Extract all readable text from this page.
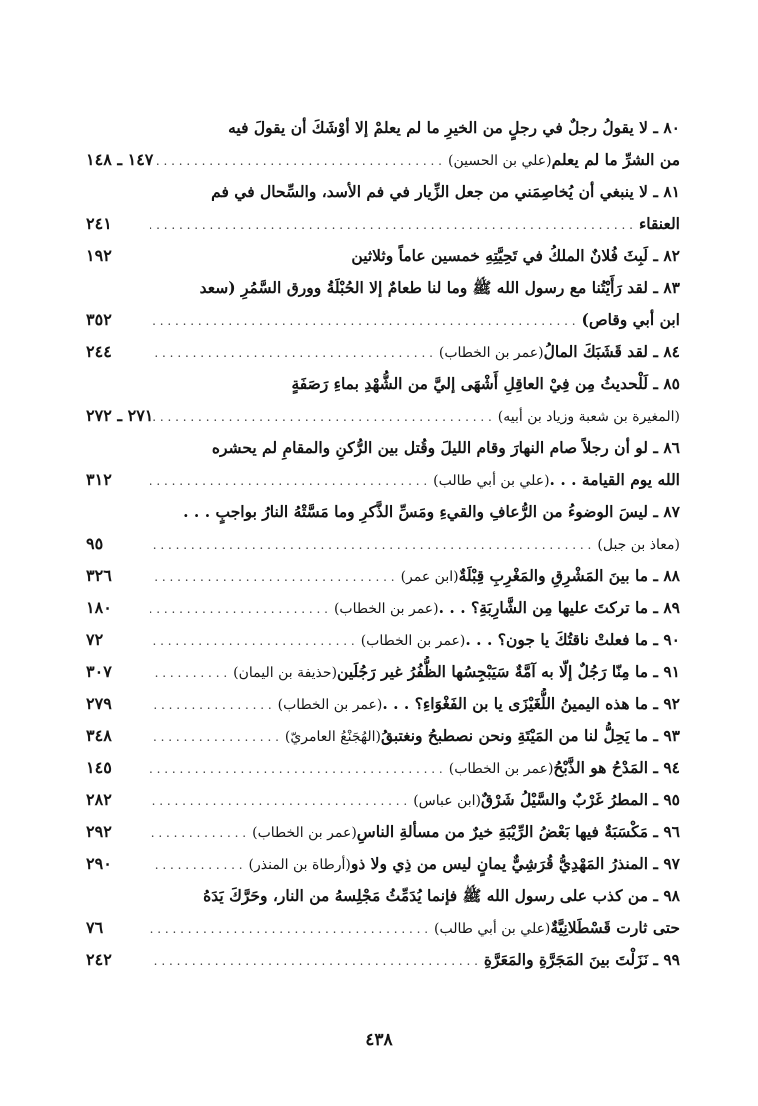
٨٠ ـ لا يقولُ رجلٌ في رجلٍ من الخيرِ ما لم يعلمْ إلا أوْشَكَ أن يقولَ فيه
من الشرِّ ما لم يعلم
(علي بن الحسين)
. . .
١٤٧ ـ ١٤٨
٨١ ـ لا ينبغي أن يُخاصِمَني من جعل الزِّيار في فم الأسد، والسِّحال في فم
العنقاء
. . .
٢٤١
٨٢ ـ لَبِثَ فُلانٌ الملكُ في تَحِيَّتِهِ خمسين عاماً وثلاثين
١٩٢
٨٣ ـ لقد رَأَيْتُنا مع رسول الله ﷺ وما لنا طعامٌ إلا الحُبْلَةُ وورق السَّمُرِ (سعد
ابن أبي وقاص)
. . .
٣٥٢
٨٤ ـ لقد قَشَبَكَ المالُ
(عمر بن الخطاب)
. . .
٢٤٤
٨٥ ـ لَلْحديثُ مِن فِيْ العاقِلِ أَشْهَى إليَّ من الشُّهْدِ بماءِ رَصَفَةٍ
(المغيرة بن شعبة وزياد بن أبيه)
. . .
٢٧١ ـ ٢٧٢
٨٦ ـ لو أن رجلاً صام النهارَ وقام الليلَ وقُتل بين الرُّكنِ والمقامِ لم يحشره
الله يوم القيامة . . .
(علي بن أبي طالب)
. . .
٣١٢
٨٧ ـ ليسَ الوضوءُ من الرُّعافِ والقيءِ ومَسِّ الذَّكرِ وما مَسَّتْهُ النارُ بواجبٍ . . .
(معاذ بن جبل)
. . .
٩٥
٨٨ ـ ما بينَ المَشْرِقِ والمَغْرِبِ قِبْلَةٌ
(ابن عمر)
. . .
٣٢٦
٨٩ ـ ما تركتَ عليها مِن الشَّارِبَةِ؟ . . .
(عمر بن الخطاب)
. . .
١٨٠
٩٠ ـ ما فعلتْ ناقتُكَ يا جون؟ . . .
(عمر بن الخطاب)
. . .
٧٢
٩١ ـ ما مِنّا رَجُلٌ إلّا به آمَّةٌ سَيَبْجِسُها الظُّفُرُ غير رَجُلَين
(حذيفة بن اليمان)
. . .
٣٠٧
٩٢ ـ ما هذه اليمينُ اللُّغَيْزَى يا بن الفَغْوَاءِ؟ . . .
(عمر بن الخطاب)
. . .
٢٧٩
٩٣ ـ ما يَحِلُّ لنا من المَيْتَةِ ونحن نصطبحُ ونغتبقُ
(الهُجَنْعُ العامريّ)
. . .
٣٤٨
٩٤ ـ المَدْحُ هو الذَّبْحُ
(عمر بن الخطاب)
. . .
١٤٥
٩٥ ـ المطرُ غَرْبٌ والسَّيْلُ شَرْقٌ
(ابن عباس)
. . .
٢٨٢
٩٦ ـ مَكْسَبَةٌ فيها بَعْضُ الرِّيْبَةِ خيرٌ من مسألةِ الناسِ
(عمر بن الخطاب)
. . .
٢٩٢
٩٧ ـ المنذرُ المَهْدِيُّ قُرَشِيٌّ يمانٍ ليس من ذِي ولا ذو
(أرطاة بن المنذر)
. . .
٢٩٠
٩٨ ـ من كذب على رسول الله ﷺ فإنما يُدَمِّثُ مَجْلِسهُ من النار، وحَرَّكَ يَدَهُ
حتى ثارت قَسْطَلانِيَّةٌ
(علي بن أبي طالب)
. . .
٧٦
٩٩ ـ نَزَلْتَ بينَ المَجَرَّةِ والمَعَرَّةِ
. . .
٢٤٢
٤٣٨
